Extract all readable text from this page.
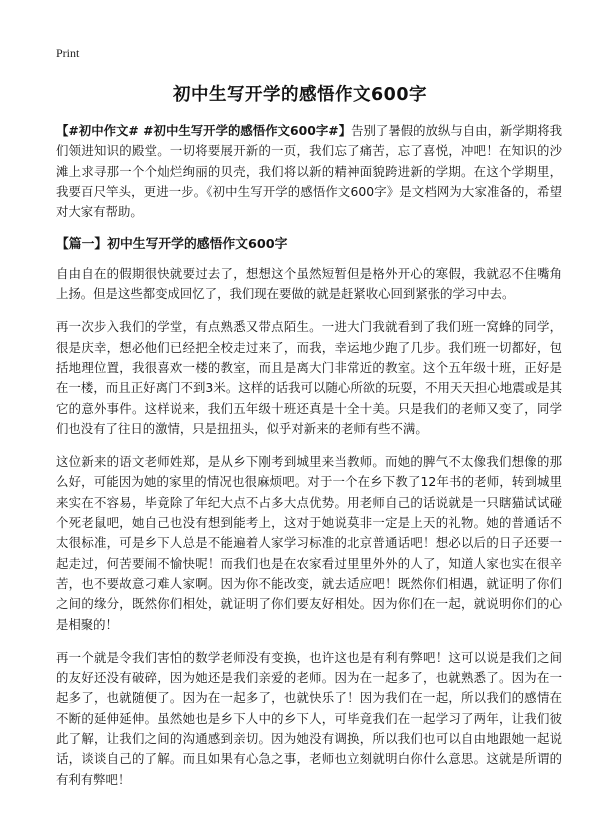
Print
初中生写开学的感悟作文600字

【#初中作文# #初中生写开学的感悟作文600字#】告别了暑假的放纵与自由，新学期将我们领进知识的殿堂。一切将要展开新的一页，我们忘了痛苦，忘了喜悦，冲吧！在知识的沙滩上求寻那一个个灿烂绚丽的贝壳，我们将以新的精神面貌跨进新的学期。在这个学期里，我要百尺竿头，更进一步。《初中生写开学的感悟作文600字》是文档网为大家准备的，希望对大家有帮助。

【篇一】初中生写开学的感悟作文600字

自由自在的假期很快就要过去了，想想这个虽然短暂但是格外开心的寒假，我就忍不住嘴角上扬。但是这些都变成回忆了，我们现在要做的就是赶紧收心回到紧张的学习中去。

再一次步入我们的学堂，有点熟悉又带点陌生。一进大门我就看到了我们班一窝蜂的同学，很是庆幸，想必他们已经把全校走过来了，而我，幸运地少跑了几步。我们班一切都好，包括地理位置，我很喜欢一楼的教室，而且是离大门非常近的教室。这个五年级十班，正好是在一楼，而且正好离门不到3米。这样的话我可以随心所欲的玩耍，不用天天担心地震或是其它的意外事件。这样说来，我们五年级十班还真是十全十美。只是我们的老师又变了，同学们也没有了往日的激情，只是扭扭头，似乎对新来的老师有些不满。

这位新来的语文老师姓郑，是从乡下刚考到城里来当教师。而她的脾气不太像我们想像的那么好，可能因为她的家里的情况也很麻烦吧。对于一个在乡下教了12年书的老师，转到城里来实在不容易，毕竟除了年纪大点不占多大点优势。用老师自己的话说就是一只瞎猫试试碰个死老鼠吧，她自己也没有想到能考上，这对于她说莫非一定是上天的礼物。她的普通话不太很标准，可是乡下人总是不能遍着人家学习标准的北京普通话吧！想必以后的日子还要一起走过，何苦要闹不愉快呢！而我们也是在农家看过里里外外的人了，知道人家也实在很辛苦，也不要故意刁难人家啊。因为你不能改变，就去适应吧！既然你们相遇，就证明了你们之间的缘分，既然你们相处，就证明了你们要友好相处。因为你们在一起，就说明你们的心是相聚的！

再一个就是令我们害怕的数学老师没有变换，也许这也是有利有弊吧！这可以说是我们之间的友好还没有破碎，因为她还是我们亲爱的老师。因为在一起多了，也就熟悉了。因为在一起多了，也就随便了。因为在一起多了，也就快乐了！因为我们在一起，所以我们的感情在不断的延伸延伸。虽然她也是乡下人中的乡下人，可毕竟我们在一起学习了两年，让我们彼此了解，让我们之间的沟通感到亲切。因为她没有调换，所以我们也可以自由地跟她一起说话，谈谈自己的了解。而且如果有心急之事，老师也立刻就明白你什么意思。这就是所谓的有利有弊吧！
